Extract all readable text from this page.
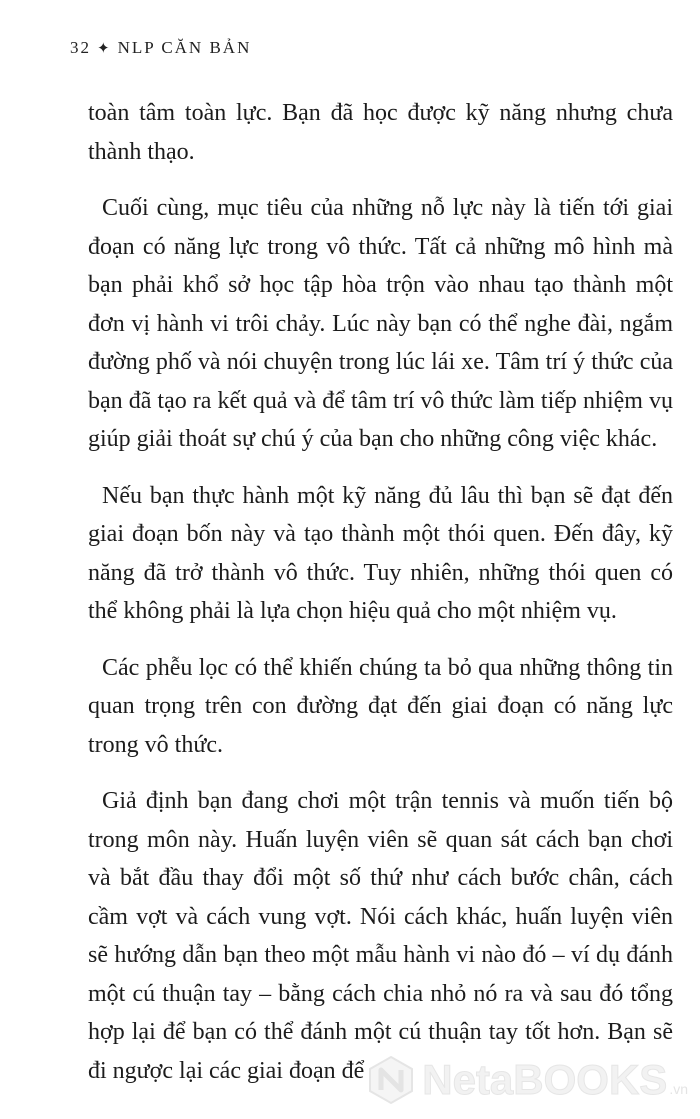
32 ✦ NLP CĂN BẢN

toàn tâm toàn lực. Bạn đã học được kỹ năng nhưng chưa thành thạo.

Cuối cùng, mục tiêu của những nỗ lực này là tiến tới giai đoạn có năng lực trong vô thức. Tất cả những mô hình mà bạn phải khổ sở học tập hòa trộn vào nhau tạo thành một đơn vị hành vi trôi chảy. Lúc này bạn có thể nghe đài, ngắm đường phố và nói chuyện trong lúc lái xe. Tâm trí ý thức của bạn đã tạo ra kết quả và để tâm trí vô thức làm tiếp nhiệm vụ giúp giải thoát sự chú ý của bạn cho những công việc khác.

Nếu bạn thực hành một kỹ năng đủ lâu thì bạn sẽ đạt đến giai đoạn bốn này và tạo thành một thói quen. Đến đây, kỹ năng đã trở thành vô thức. Tuy nhiên, những thói quen có thể không phải là lựa chọn hiệu quả cho một nhiệm vụ.

Các phễu lọc có thể khiến chúng ta bỏ qua những thông tin quan trọng trên con đường đạt đến giai đoạn có năng lực trong vô thức.

Giả định bạn đang chơi một trận tennis và muốn tiến bộ trong môn này. Huấn luyện viên sẽ quan sát cách bạn chơi và bắt đầu thay đổi một số thứ như cách bước chân, cách cầm vợt và cách vung vợt. Nói cách khác, huấn luyện viên sẽ hướng dẫn bạn theo một mẫu hành vi nào đó – ví dụ đánh một cú thuận tay – bằng cách chia nhỏ nó ra và sau đó tổng hợp lại để bạn có thể đánh một cú thuận tay tốt hơn. Bạn sẽ đi ngược lại các giai đoạn để	NetaBOOKS .vn
